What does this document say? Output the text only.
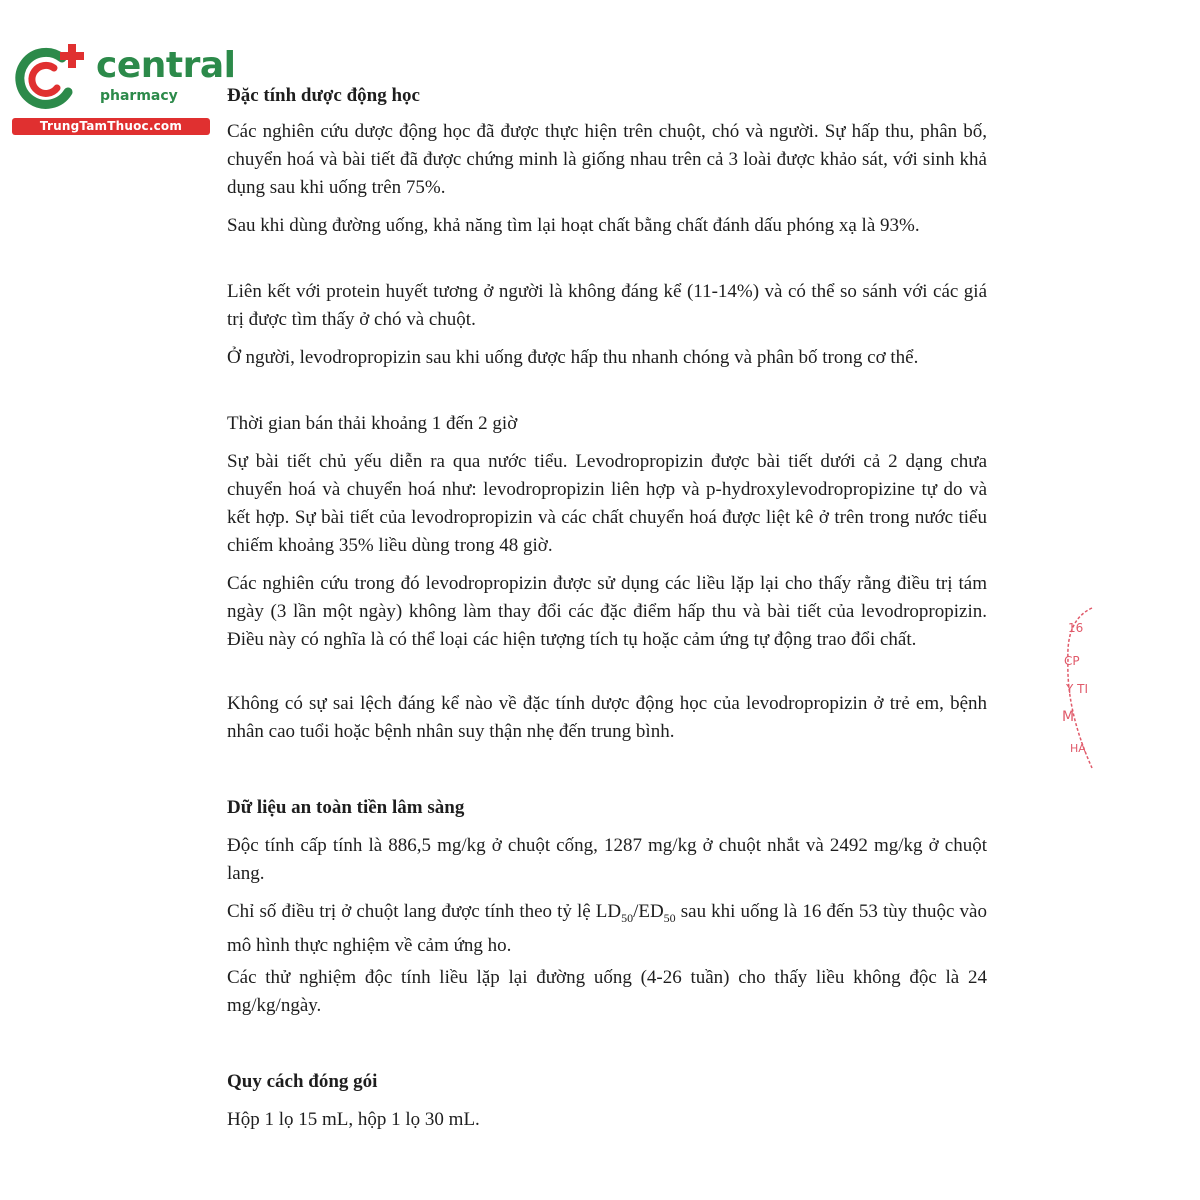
central
pharmacy
TrungTamThuoc.com
Đặc tính dược động học

Các nghiên cứu dược động học đã được thực hiện trên chuột, chó và người. Sự hấp thu, phân bố, chuyển hoá và bài tiết đã được chứng minh là giống nhau trên cả 3 loài được khảo sát, với sinh khả dụng sau khi uống trên 75%.

Sau khi dùng đường uống, khả năng tìm lại hoạt chất bằng chất đánh dấu phóng xạ là 93%.

Liên kết với protein huyết tương ở người là không đáng kể (11-14%) và có thể so sánh với các giá trị được tìm thấy ở chó và chuột.

Ở người, levodropropizin sau khi uống được hấp thu nhanh chóng và phân bố trong cơ thể.

Thời gian bán thải khoảng 1 đến 2 giờ

Sự bài tiết chủ yếu diễn ra qua nước tiểu. Levodropropizin được bài tiết dưới cả 2 dạng chưa chuyển hoá và chuyển hoá như: levodropropizin liên hợp và p-hydroxylevodropropizine tự do và kết hợp. Sự bài tiết của levodropropizin và các chất chuyển hoá được liệt kê ở trên trong nước tiểu chiếm khoảng 35% liều dùng trong 48 giờ.

Các nghiên cứu trong đó levodropropizin được sử dụng các liều lặp lại cho thấy rằng điều trị tám ngày (3 lần một ngày) không làm thay đổi các đặc điểm hấp thu và bài tiết của levodropropizin. Điều này có nghĩa là có thể loại các hiện tượng tích tụ hoặc cảm ứng tự động trao đổi chất.

Không có sự sai lệch đáng kể nào về đặc tính dược động học của levodropropizin ở trẻ em, bệnh nhân cao tuổi hoặc bệnh nhân suy thận nhẹ đến trung bình.

Dữ liệu an toàn tiền lâm sàng

Độc tính cấp tính là 886,5 mg/kg ở chuột cống, 1287 mg/kg ở chuột nhắt và 2492 mg/kg ở chuột lang.

Chỉ số điều trị ở chuột lang được tính theo tỷ lệ $LD_{50}/ED_{50}$ sau khi uống là 16 đến 53 tùy thuộc vào mô hình thực nghiệm về cảm ứng ho.

Các thử nghiệm độc tính liều lặp lại đường uống (4-26 tuần) cho thấy liều không độc là 24 mg/kg/ngày.

Quy cách đóng gói

Hộp 1 lọ 15 mL, hộp 1 lọ 30 mL.

16
CP
Y TI
M
HÀ
